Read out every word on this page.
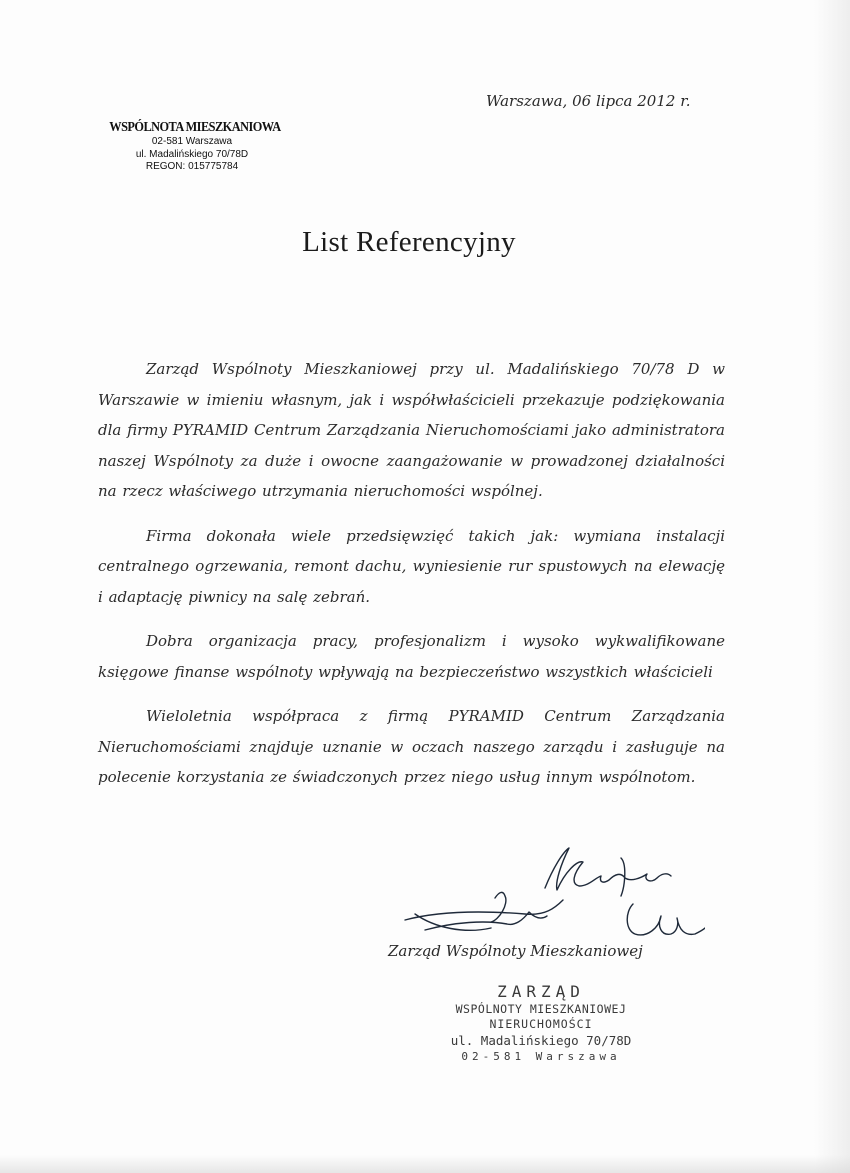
Warszawa, 06 lipca 2012 r.
WSPÓLNOTA MIESZKANIOWA
02-581 Warszawa
ul. Madalińskiego 70/78D
REGON: 015775784
List Referencyjny

Zarząd Wspólnoty Mieszkaniowej przy ul. Madalińskiego 70/78 D w Warszawie w imieniu własnym, jak i współwłaścicieli przekazuje podziękowania dla firmy PYRAMID Centrum Zarządzania Nieruchomościami jako administratora naszej Wspólnoty za duże i owocne zaangażowanie w prowadzonej działalności na rzecz właściwego utrzymania nieruchomości wspólnej.

Firma dokonała wiele przedsięwzięć takich jak: wymiana instalacji centralnego ogrzewania, remont dachu, wyniesienie rur spustowych na elewację i adaptację piwnicy na salę zebrań.

Dobra organizacja pracy, profesjonalizm i wysoko wykwalifikowane księgowe finanse wspólnoty wpływają na bezpieczeństwo wszystkich właścicieli

Wieloletnia współpraca z firmą PYRAMID Centrum Zarządzania Nieruchomościami znajduje uznanie w oczach naszego zarządu i zasługuje na polecenie korzystania ze świadczonych przez niego usług innym wspólnotom.

Zarząd Wspólnoty Mieszkaniowej
ZARZĄD
WSPÓLNOTY MIESZKANIOWEJ
NIERUCHOMOŚCI
ul. Madalińskiego 70/78D
02-581 Warszawa
